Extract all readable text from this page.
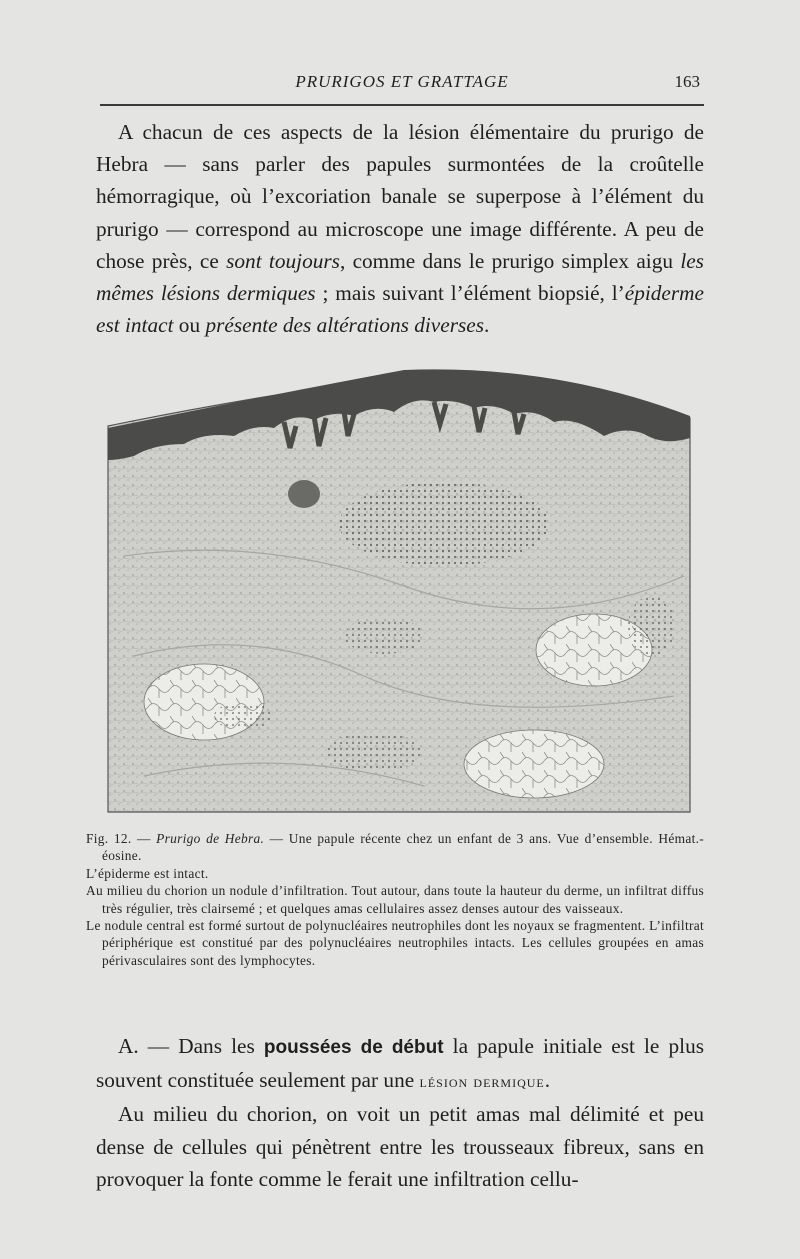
PRURIGOS ET GRATTAGE	163

A chacun de ces aspects de la lésion élémentaire du prurigo de Hebra — sans parler des papules surmontées de la croûtelle hémorragique, où l’excoriation banale se superpose à l’élément du prurigo — correspond au microscope une image différente. A peu de chose près, ce sont toujours, comme dans le prurigo simplex aigu les mêmes lésions dermiques ; mais suivant l’élément biopsié, l’épiderme est intact ou présente des altérations diverses.

Fig. 12. — Prurigo de Hebra. — Une papule récente chez un enfant de 3 ans. Vue d’ensemble. Hémat.-éosine.

L’épiderme est intact.

Au milieu du chorion un nodule d’infiltration. Tout autour, dans toute la hauteur du derme, un infiltrat diffus très régulier, très clairsemé ; et quelques amas cellulaires assez denses autour des vaisseaux.

Le nodule central est formé surtout de polynucléaires neutrophiles dont les noyaux se fragmentent. L’infiltrat périphérique est constitué par des polynucléaires neutrophiles intacts. Les cellules groupées en amas périvasculaires sont des lymphocytes.

A. — Dans les poussées de début la papule initiale est le plus souvent constituée seulement par une lésion dermique.

Au milieu du chorion, on voit un petit amas mal délimité et peu dense de cellules qui pénètrent entre les trousseaux fibreux, sans en provoquer la fonte comme le ferait une infiltration cellu-
